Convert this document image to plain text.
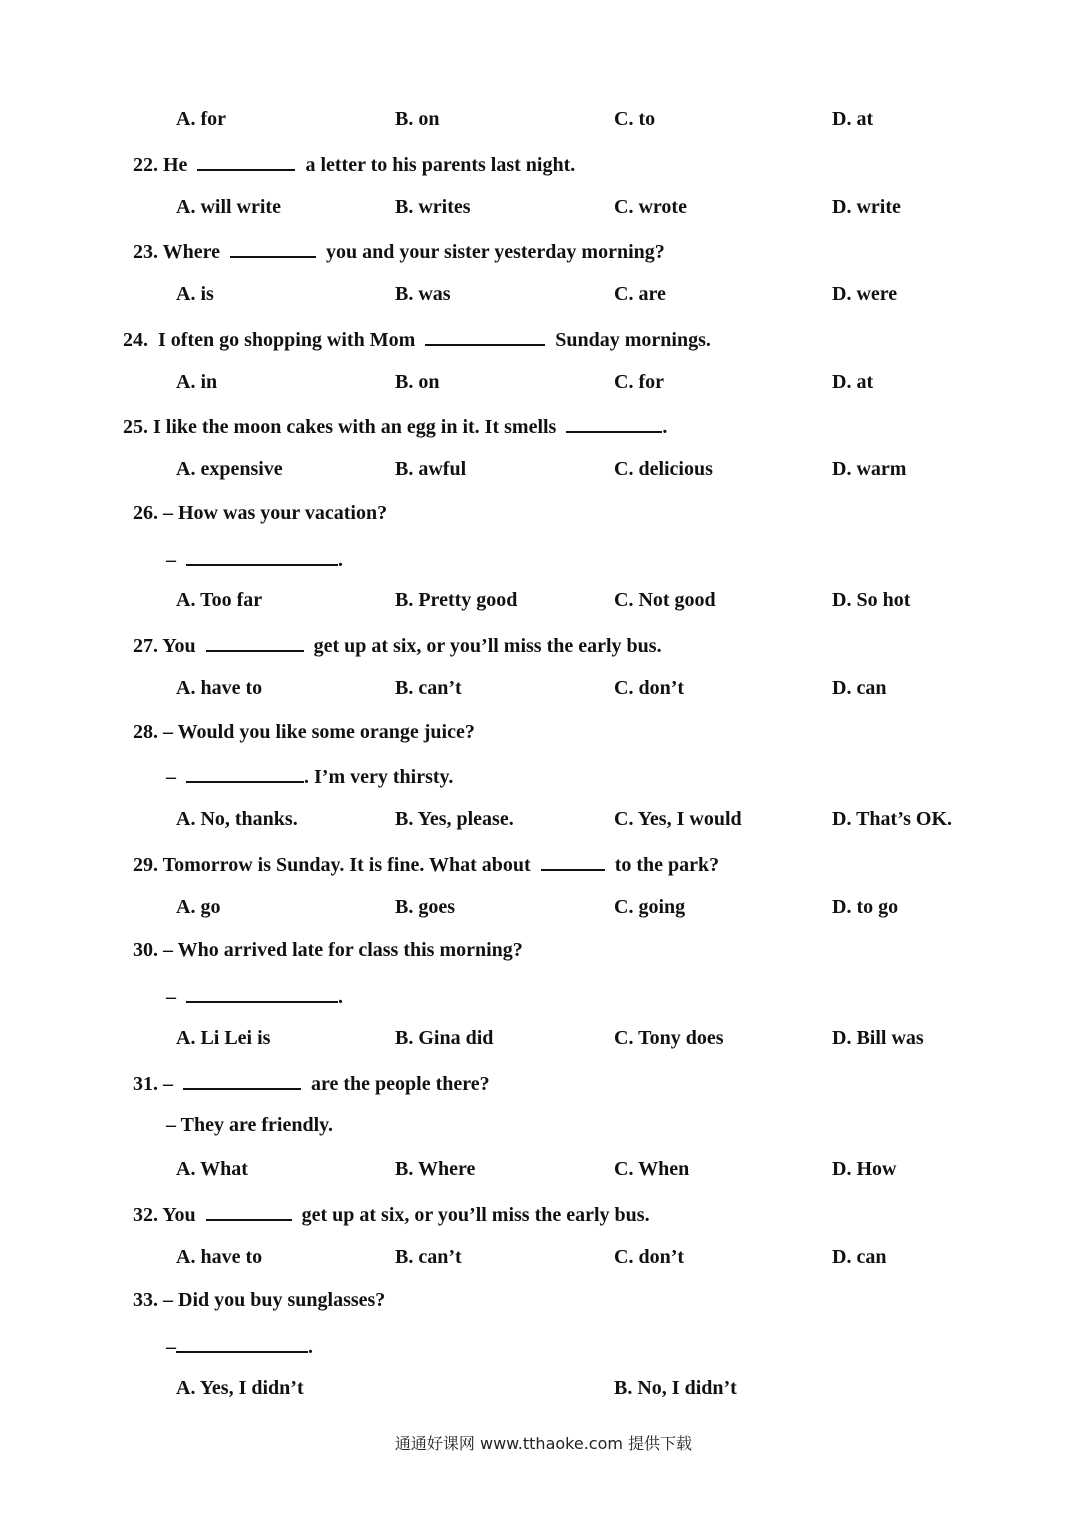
A. for	B. on	C. to	D. at
22. He	a letter to his parents last night.
A. will write	B. writes	C. wrote	D. write
23. Where	you and your sister yesterday morning?
A. is	B. was	C. are	D. were
24.  I often go shopping with Mom	Sunday mornings.
A. in	B. on	C. for	D. at
25. I like the moon cakes with an egg in it. It smells	.
A. expensive	B. awful	C. delicious	D. warm
26. – How was your vacation?
–	.
A. Too far	B. Pretty good	C. Not good	D. So hot
27. You	get up at six, or you’ll miss the early bus.
A. have to	B. can’t	C. don’t	D. can
28. – Would you like some orange juice?
–	. I’m very thirsty.
A. No, thanks.	B. Yes, please.	C. Yes, I would	D. That’s OK.
29. Tomorrow is Sunday. It is fine. What about	to the park?
A. go	B. goes	C. going	D. to go
30. – Who arrived late for class this morning?
–	.
A. Li Lei is	B. Gina did	C. Tony does	D. Bill was
31. –	are the people there?
– They are friendly.
A. What	B. Where	C. When	D. How
32. You	get up at six, or you’ll miss the early bus.
A. have to	B. can’t	C. don’t	D. can
33. – Did you buy sunglasses?
–	.
A. Yes, I didn’t	B. No, I didn’t
通通好课网 www.tthaoke.com 提供下载
